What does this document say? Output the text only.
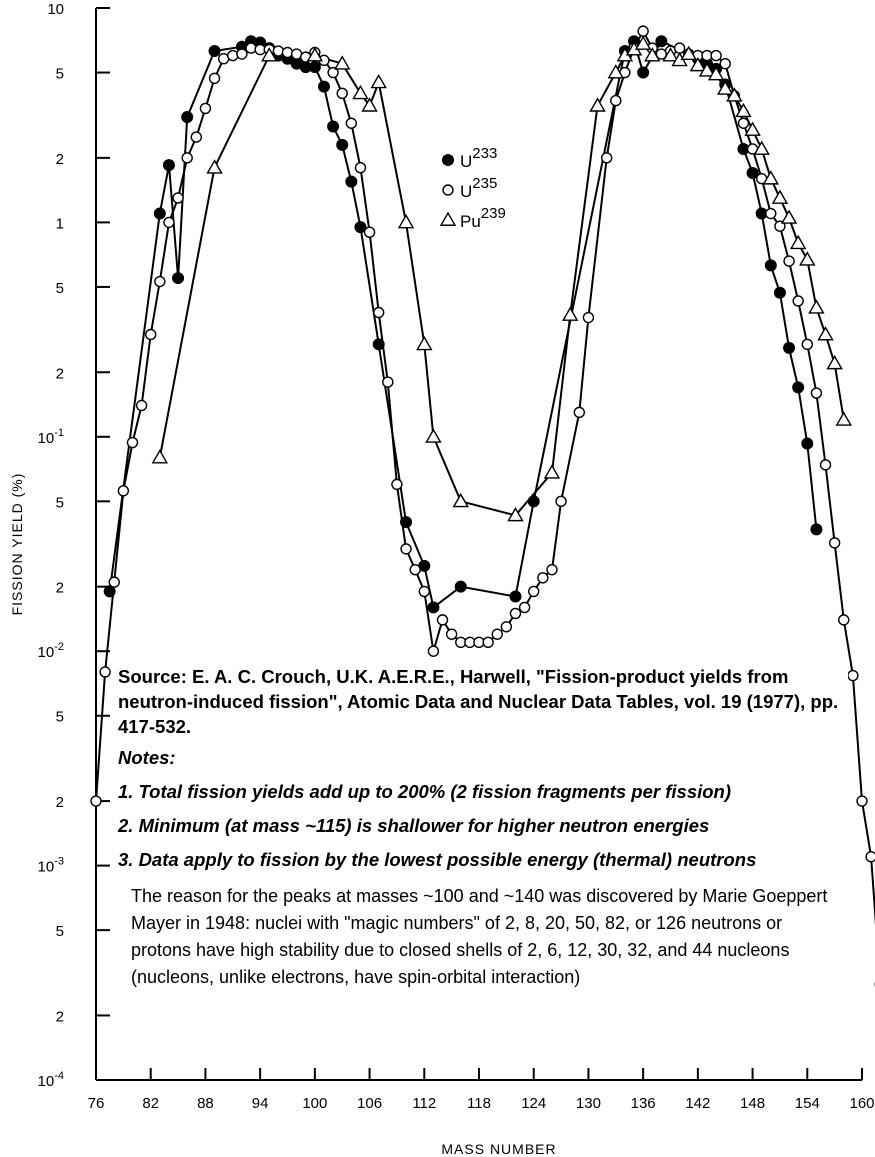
10
5
2
1
5
2
$10^{-1}$
5
2
$10^{-2}$
5
2
$10^{-3}$
5
2
$10^{-4}$
76	82	88	94 100 106 112 118 124 130 136 142 148 154 160
MASS NUMBER
FISSION YIELD (%)
U233
U235
Pu239

Source: E. A. C. Crouch, U.K. A.E.R.E., Harwell, "Fission-product yields from neutron-induced fission", Atomic Data and Nuclear Data Tables, vol. 19 (1977), pp. 417-532.

Notes:

1. Total fission yields add up to 200% (2 fission fragments per fission)

2. Minimum (at mass ~115) is shallower for higher neutron energies

3. Data apply to fission by the lowest possible energy (thermal) neutrons

The reason for the peaks at masses ~100 and ~140 was discovered by Marie Goeppert Mayer in 1948: nuclei with "magic numbers" of 2, 8, 20, 50, 82, or 126 neutrons or protons have high stability due to closed shells of 2, 6, 12, 30, 32, and 44 nucleons (nucleons, unlike electrons, have spin-orbital interaction)
